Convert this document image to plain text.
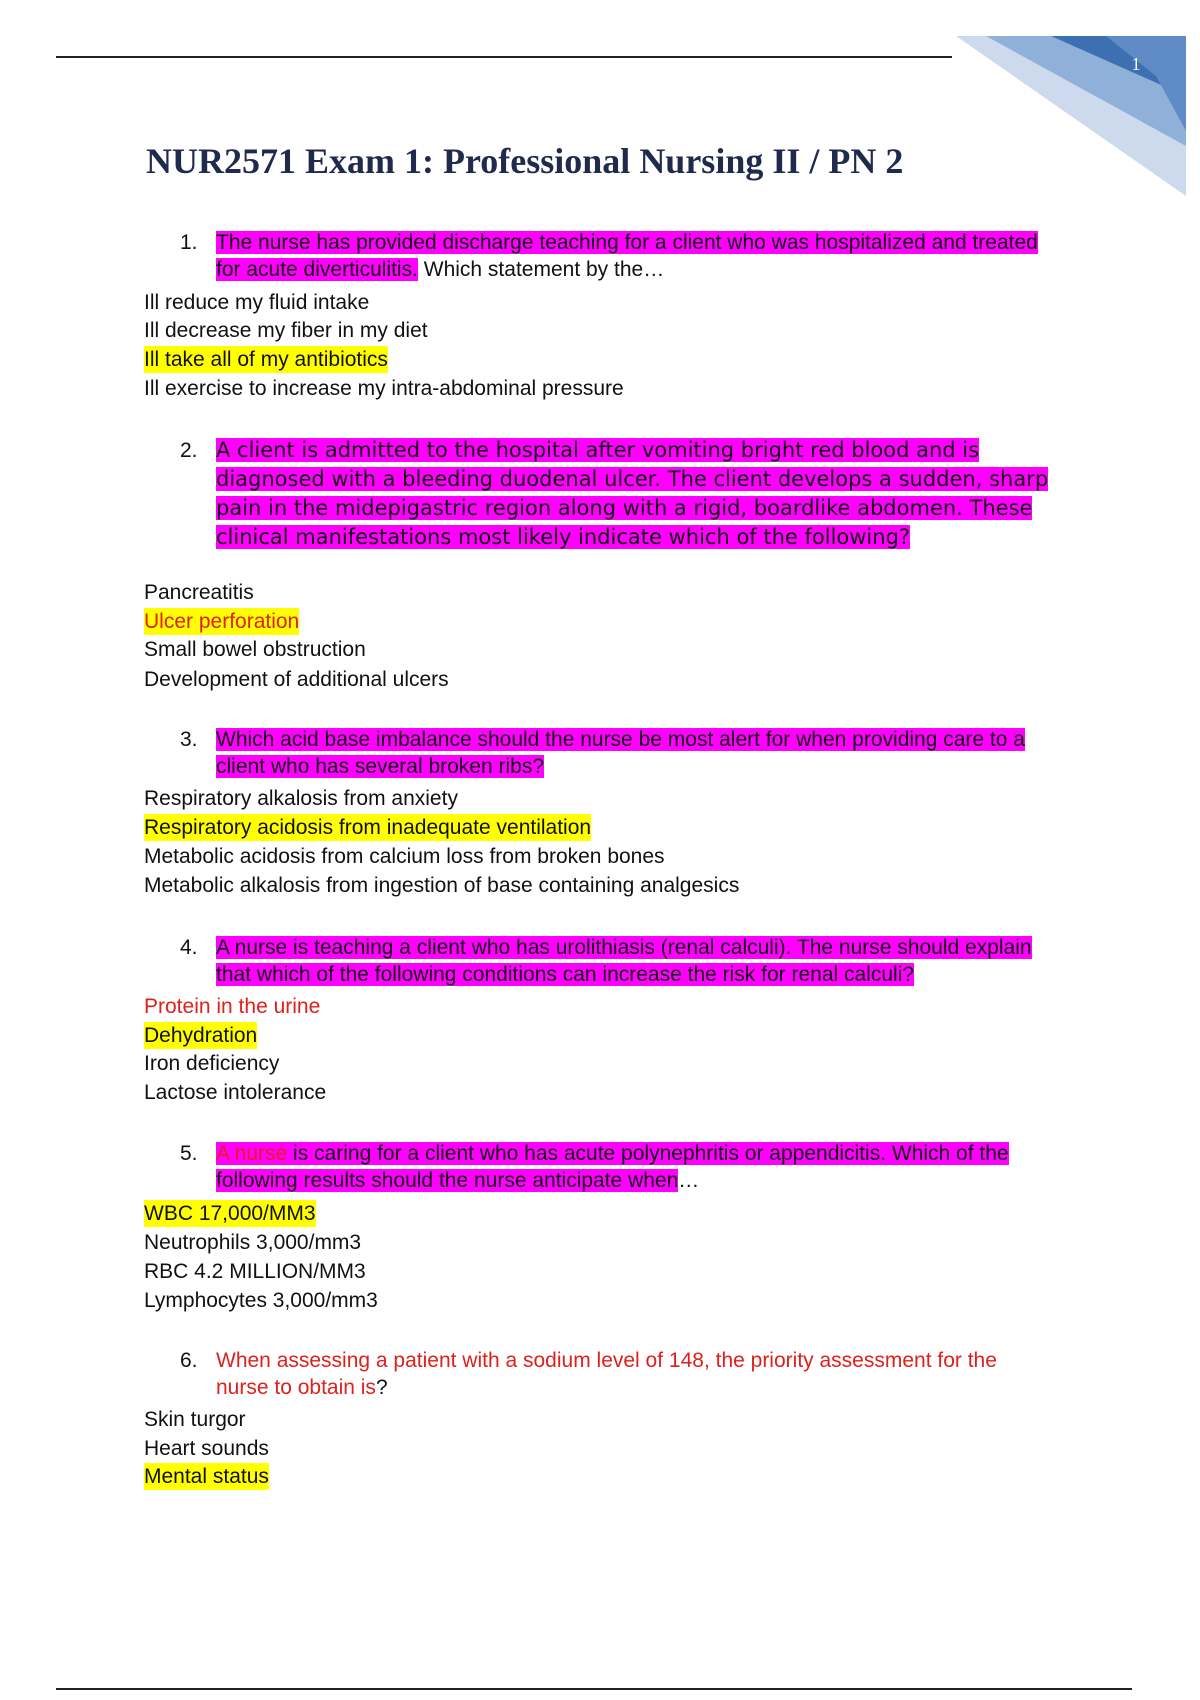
1
NUR2571 Exam 1: Professional Nursing II / PN 2
1. The nurse has provided discharge teaching for a client who was hospitalized and treated
for acute diverticulitis. Which statement by the…
Ill reduce my fluid intake
Ill decrease my fiber in my diet
Ill take all of my antibiotics
Ill exercise to increase my intra-abdominal pressure
2. A client is admitted to the hospital after vomiting bright red blood and is
diagnosed with a bleeding duodenal ulcer. The client develops a sudden, sharp
pain in the midepigastric region along with a rigid, boardlike abdomen. These
clinical manifestations most likely indicate which of the following?
Pancreatitis
Ulcer perforation
Small bowel obstruction
Development of additional ulcers
3. Which acid base imbalance should the nurse be most alert for when providing care to a
client who has several broken ribs?
Respiratory alkalosis from anxiety
Respiratory acidosis from inadequate ventilation
Metabolic acidosis from calcium loss from broken bones
Metabolic alkalosis from ingestion of base containing analgesics
4. A nurse is teaching a client who has urolithiasis (renal calculi). The nurse should explain
that which of the following conditions can increase the risk for renal calculi?
Protein in the urine
Dehydration
Iron deficiency
Lactose intolerance
5. A nurse is caring for a client who has acute polynephritis or appendicitis. Which of the
following results should the nurse anticipate when…
WBC 17,000/MM3
Neutrophils 3,000/mm3
RBC 4.2 MILLION/MM3
Lymphocytes 3,000/mm3
6. When assessing a patient with a sodium level of 148, the priority assessment for the
nurse to obtain is?
Skin turgor
Heart sounds
Mental status
